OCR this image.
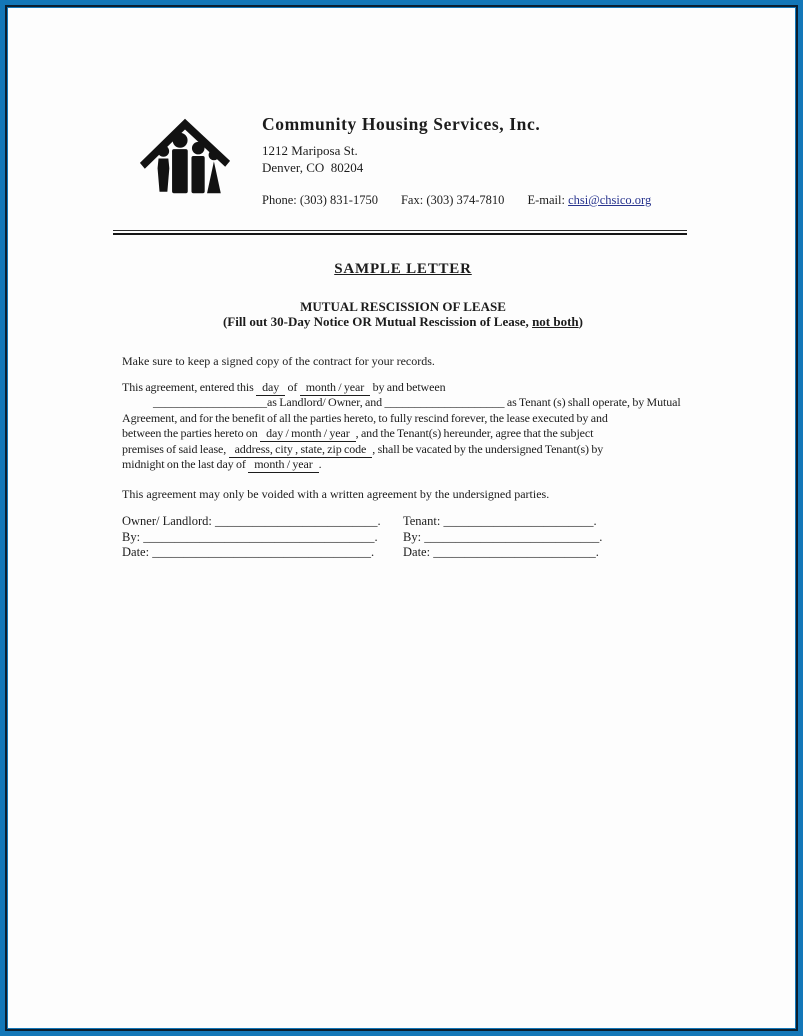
Community Housing Services, Inc.
1212 Mariposa St.
Denver, CO  80204
Phone: (303) 831-1750 Fax: (303) 374-7810 E-mail: chsi@chsico.org
SAMPLE LETTER
MUTUAL RESCISSION OF LEASE
(Fill out 30-Day Notice OR Mutual Rescission of Lease, not both)
Make sure to keep a signed copy of the contract for your records.
This agreement, entered this day of month / year by and between
___________________as Landlord/ Owner, and ____________________ as Tenant (s) shall operate, by Mutual
Agreement, and for the benefit of all the parties hereto, to fully rescind forever, the lease executed by and
between the parties hereto on day / month / year , and the Tenant(s) hereunder, agree that the subject
premises of said lease, address, city , state, zip code , shall be vacated by the undersigned Tenant(s) by
midnight on the last day of month / year .
This agreement may only be voided with a written agreement by the undersigned parties.
Owner/ Landlord: __________________________.
By: _____________________________________.
Date: ___________________________________.
Tenant: ________________________.
By: ____________________________.
Date: __________________________.
